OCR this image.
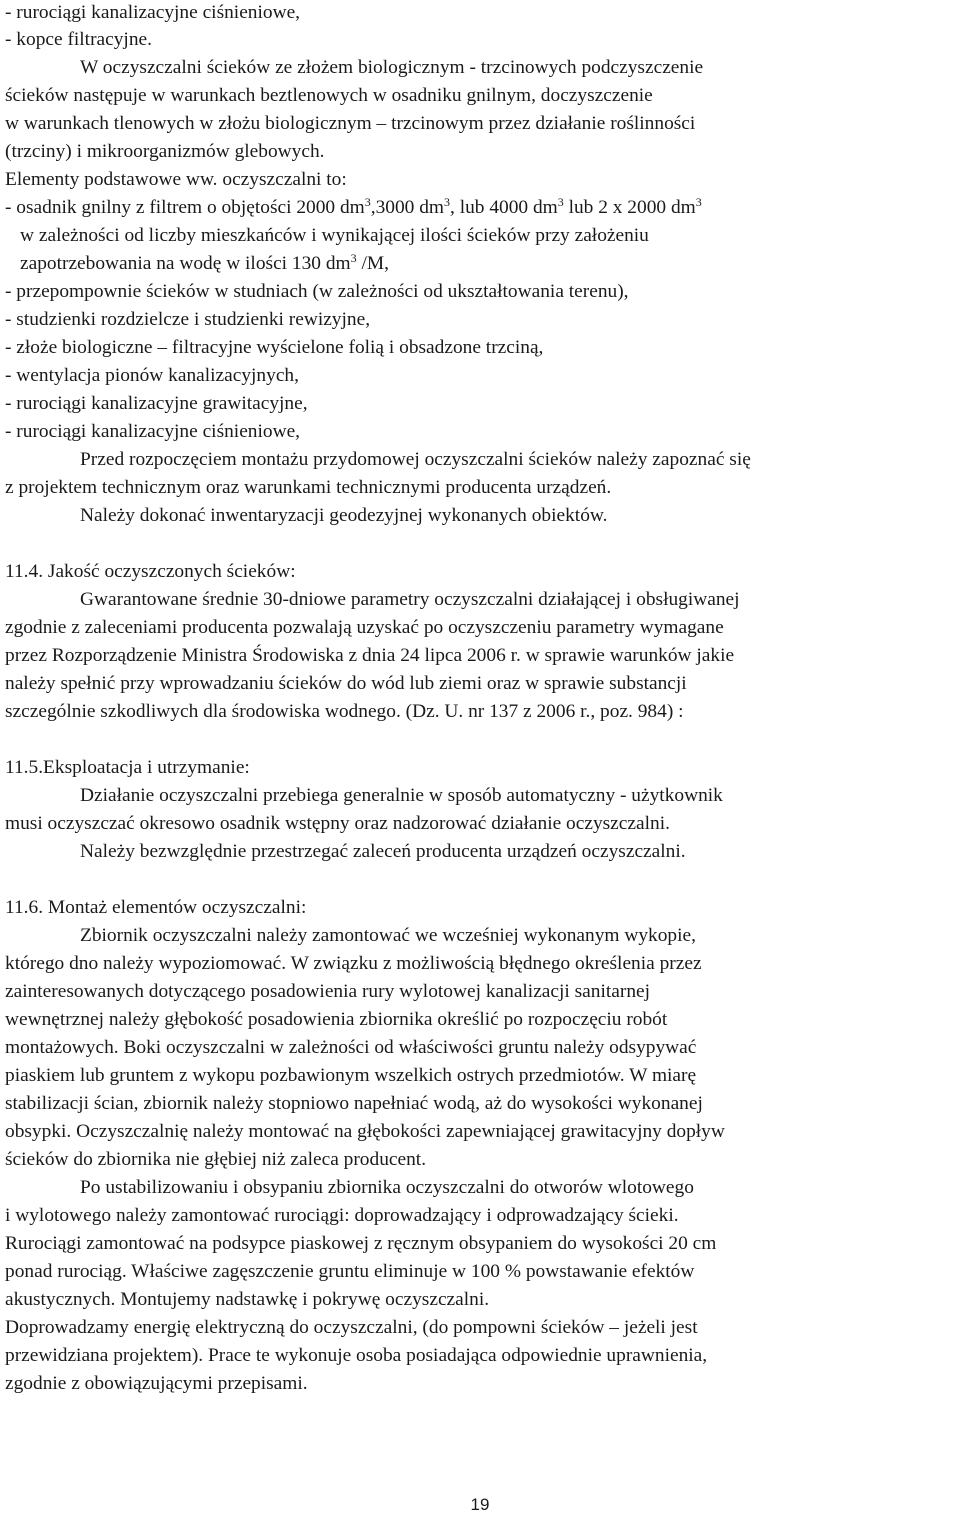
- rurociągi kanalizacyjne ciśnieniowe,
- kopce filtracyjne.
W oczyszczalni ścieków ze złożem biologicznym - trzcinowych podczyszczenie
ścieków następuje w warunkach beztlenowych w osadniku gnilnym, doczyszczenie
w warunkach tlenowych w złożu biologicznym – trzcinowym przez działanie roślinności
(trzciny) i mikroorganizmów glebowych.
Elementy podstawowe ww. oczyszczalni to:
- osadnik gnilny z filtrem o objętości 2000 $dm^3,3000$ $dm^3$, lub 4000 $dm^3$ lub 2 x 2000 $dm^3$
w zależności od liczby mieszkańców i wynikającej ilości ścieków przy założeniu
zapotrzebowania na wodę w ilości 130 $dm^3$ /M,
- przepompownie ścieków w studniach (w zależności od ukształtowania terenu),
- studzienki rozdzielcze i studzienki rewizyjne,
- złoże biologiczne – filtracyjne wyścielone folią i obsadzone trzciną,
- wentylacja pionów kanalizacyjnych,
- rurociągi kanalizacyjne grawitacyjne,
- rurociągi kanalizacyjne ciśnieniowe,
Przed rozpoczęciem montażu przydomowej oczyszczalni ścieków należy zapoznać się
z projektem technicznym oraz warunkami technicznymi producenta urządzeń.
Należy dokonać inwentaryzacji geodezyjnej wykonanych obiektów.
11.4. Jakość oczyszczonych ścieków:
Gwarantowane średnie 30-dniowe parametry oczyszczalni działającej i obsługiwanej
zgodnie z zaleceniami producenta pozwalają uzyskać po oczyszczeniu parametry wymagane
przez Rozporządzenie Ministra Środowiska z dnia 24 lipca 2006 r. w sprawie warunków jakie
należy spełnić przy wprowadzaniu ścieków do wód lub ziemi oraz w sprawie substancji
szczególnie szkodliwych dla środowiska wodnego. (Dz. U. nr 137 z 2006 r., poz. 984) :
11.5.Eksploatacja i utrzymanie:
Działanie oczyszczalni przebiega generalnie w sposób automatyczny - użytkownik
musi oczyszczać okresowo osadnik wstępny oraz nadzorować działanie oczyszczalni.
Należy bezwzględnie przestrzegać zaleceń producenta urządzeń oczyszczalni.
11.6. Montaż elementów oczyszczalni:
Zbiornik oczyszczalni należy zamontować we wcześniej wykonanym wykopie,
którego dno należy wypoziomować. W związku z możliwością błędnego określenia przez
zainteresowanych dotyczącego posadowienia rury wylotowej kanalizacji sanitarnej
wewnętrznej należy głębokość posadowienia zbiornika określić po rozpoczęciu robót
montażowych. Boki oczyszczalni w zależności od właściwości gruntu należy odsypywać
piaskiem lub gruntem z wykopu pozbawionym wszelkich ostrych przedmiotów. W miarę
stabilizacji ścian, zbiornik należy stopniowo napełniać wodą, aż do wysokości wykonanej
obsypki. Oczyszczalnię należy montować na głębokości zapewniającej grawitacyjny dopływ
ścieków do zbiornika nie głębiej niż zaleca producent.
Po ustabilizowaniu i obsypaniu zbiornika oczyszczalni do otworów wlotowego
i wylotowego należy zamontować rurociągi: doprowadzający i odprowadzający ścieki.
Rurociągi zamontować na podsypce piaskowej z ręcznym obsypaniem do wysokości 20 cm
ponad rurociąg. Właściwe zagęszczenie gruntu eliminuje w 100 % powstawanie efektów
akustycznych. Montujemy nadstawkę i pokrywę oczyszczalni.
Doprowadzamy energię elektryczną do oczyszczalni, (do pompowni ścieków – jeżeli jest
przewidziana projektem). Prace te wykonuje osoba posiadająca odpowiednie uprawnienia,
zgodnie z obowiązującymi przepisami.
19
